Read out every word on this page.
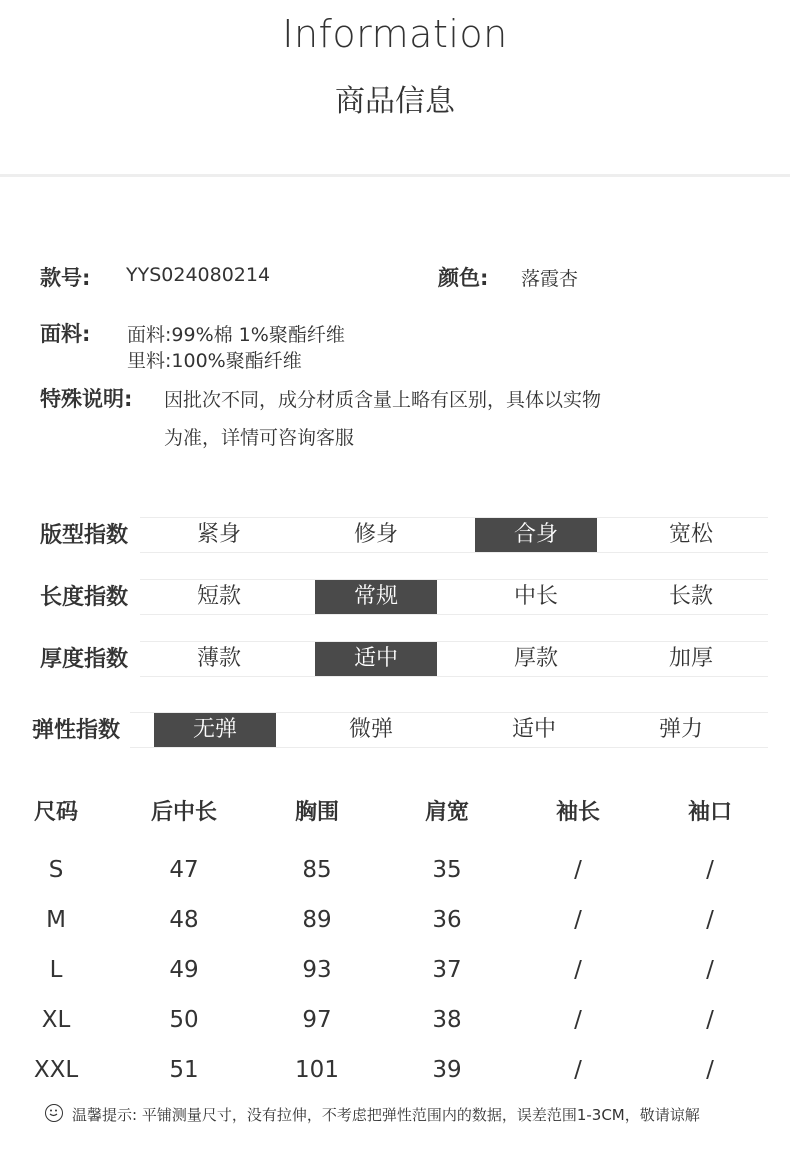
Information
商品信息
款号: YYS024080214	颜色: 落霞杏
面料: 面料:99%棉 1%聚酯纤维
里料:100%聚酯纤维
特殊说明: 因批次不同，成分材质含量上略有区别，具体以实物
为准，详情可咨询客服
版型指数	紧身	修身	合身	宽松
长度指数	短款	常规	中长	长款
厚度指数	薄款	适中	厚款	加厚
弹性指数	无弹	微弹	适中	弹力
尺码	后中长	胸围	肩宽	袖长	袖口
S	47	85	35	/	/
M	48	89	36	/	/
L	49	93	37	/	/
XL	50	97	38	/	/
XXL	51	101	39	/	/
温馨提示: 平铺测量尺寸，没有拉伸，不考虑把弹性范围内的数据，误差范围1-3CM，敬请谅解
